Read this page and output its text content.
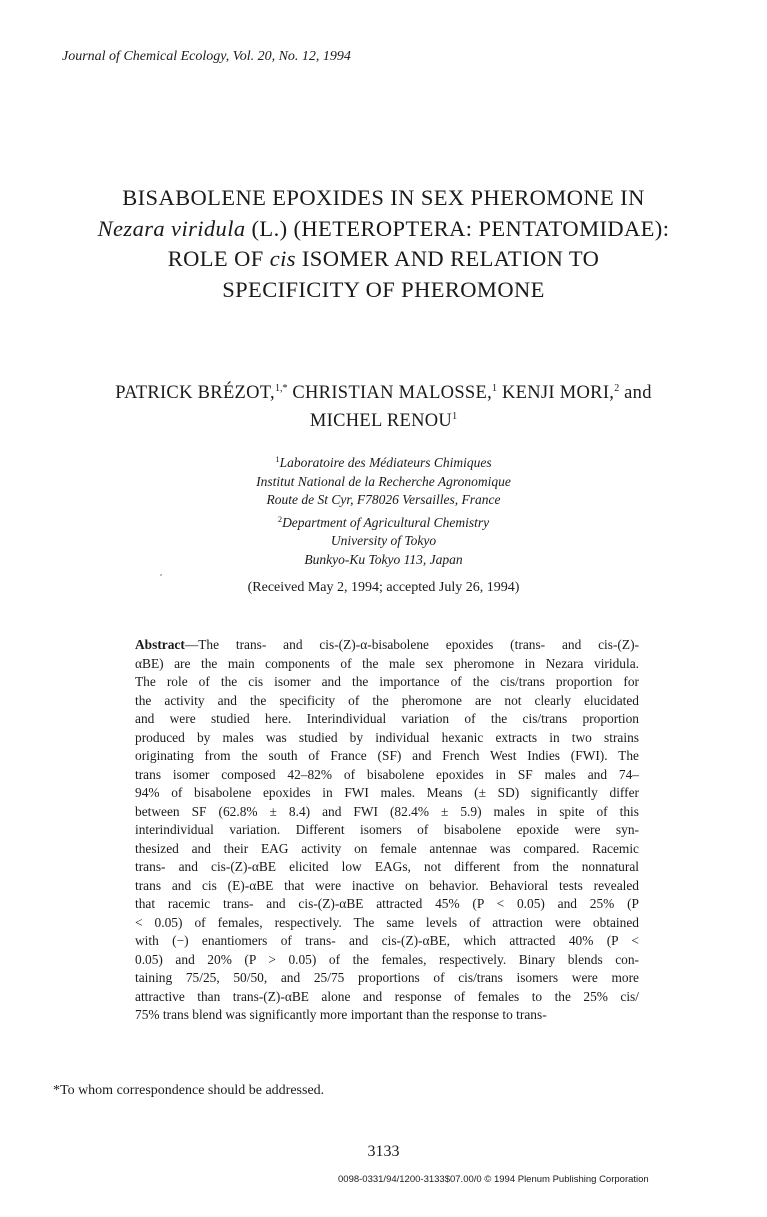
Journal of Chemical Ecology, Vol. 20, No. 12, 1994
BISABOLENE EPOXIDES IN SEX PHEROMONE IN
Nezara viridula (L.) (HETEROPTERA: PENTATOMIDAE):
ROLE OF cis ISOMER AND RELATION TO
SPECIFICITY OF PHEROMONE
PATRICK BRÉZOT,$^{1,*}$ CHRISTIAN MALOSSE,$^1$ KENJI MORI,$^2$ and
MICHEL RENOU$^1$
$^1$Laboratoire des Médiateurs Chimiques
Institut National de la Recherche Agronomique
Route de St Cyr, F78026 Versailles, France
$^2$Department of Agricultural Chemistry
University of Tokyo
Bunkyo-Ku Tokyo 113, Japan
(Received May 2, 1994; accepted July 26, 1994)
Abstract—The trans- and cis-(Z)-α-bisabolene epoxides (trans- and cis-(Z)-
αBE) are the main components of the male sex pheromone in Nezara viridula.
The role of the cis isomer and the importance of the cis/trans proportion for
the activity and the specificity of the pheromone are not clearly elucidated
and were studied here. Interindividual variation of the cis/trans proportion
produced by males was studied by individual hexanic extracts in two strains
originating from the south of France (SF) and French West Indies (FWI). The
trans isomer composed 42–82% of bisabolene epoxides in SF males and 74–
94% of bisabolene epoxides in FWI males. Means (± SD) significantly differ
between SF (62.8% ± 8.4) and FWI (82.4% ± 5.9) males in spite of this
interindividual variation. Different isomers of bisabolene epoxide were syn-
thesized and their EAG activity on female antennae was compared. Racemic
trans- and cis-(Z)-αBE elicited low EAGs, not different from the nonnatural
trans and cis (E)-αBE that were inactive on behavior. Behavioral tests revealed
that racemic trans- and cis-(Z)-αBE attracted 45% (P < 0.05) and 25% (P
< 0.05) of females, respectively. The same levels of attraction were obtained
with (−) enantiomers of trans- and cis-(Z)-αBE, which attracted 40% (P <
0.05) and 20% (P > 0.05) of the females, respectively. Binary blends con-
taining 75/25, 50/50, and 25/75 proportions of cis/trans isomers were more
attractive than trans-(Z)-αBE alone and response of females to the 25% cis/
75% trans blend was significantly more important than the response to trans-
*To whom correspondence should be addressed.
3133
0098-0331/94/1200-3133$07.00/0 © 1994 Plenum Publishing Corporation
